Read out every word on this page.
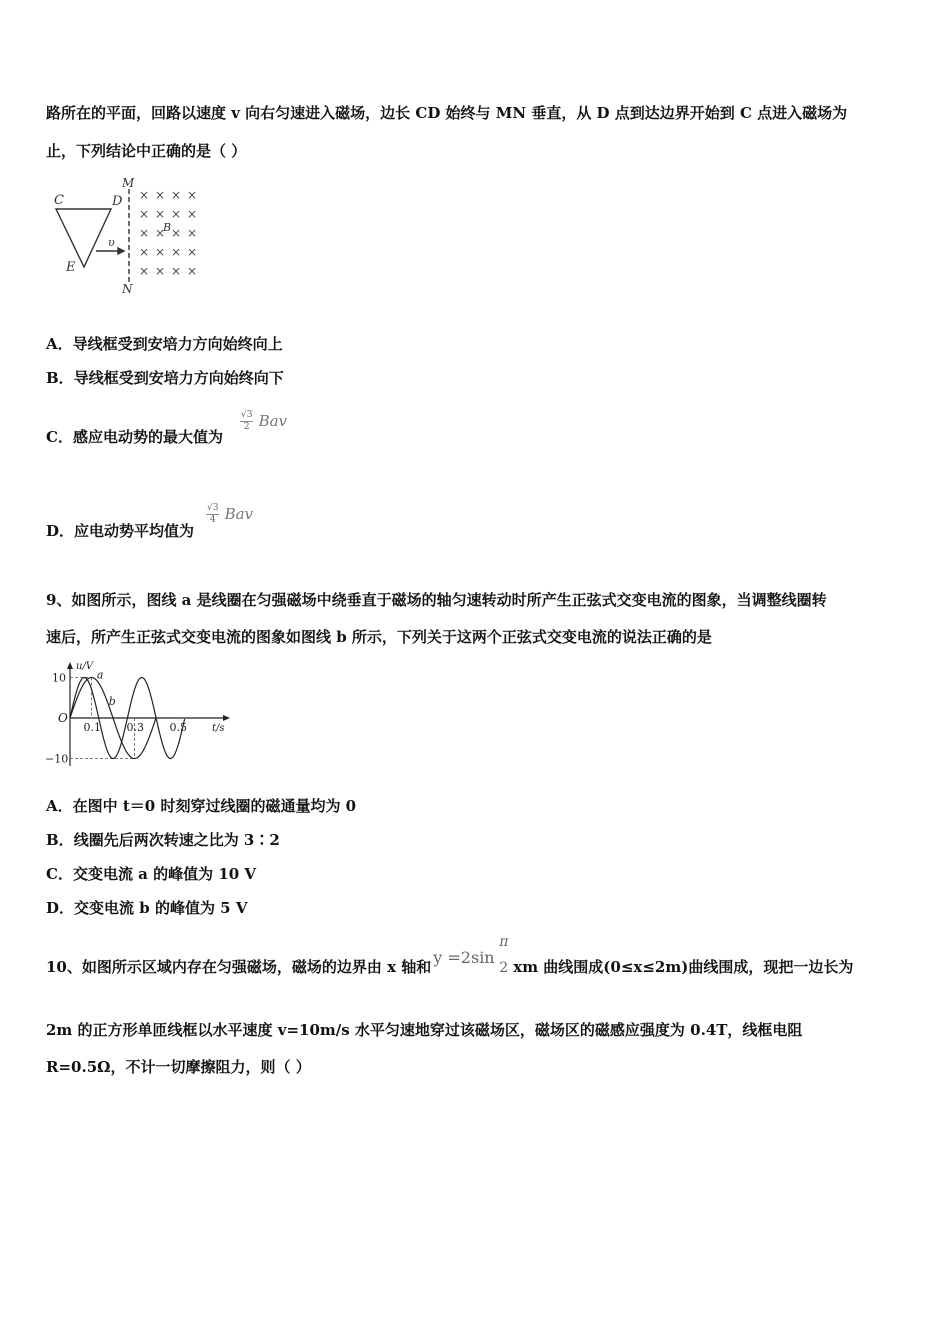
路所在的平面，回路以速度 v 向右匀速进入磁场，边长 CD 始终与 MN 垂直，从 D 点到达边界开始到 C 点进入磁场为
止，下列结论中正确的是（ ）
× × × ×
× × × ×
× × × ×
× × × ×
× × × ×
C	D
E
M
N
B
υ
A．导线框受到安培力方向始终向上
B．导线框受到安培力方向始终向下
C．感应电动势的最大值为
$\frac{√3}{2}$ Bav
D．应电动势平均值为
$\frac{√3}{4}$ Bav
9、如图所示，图线 a 是线圈在匀强磁场中绕垂直于磁场的轴匀速转动时所产生正弦式交变电流的图象，当调整线圈转
速后，所产生正弦式交变电流的图象如图线 b 所示，下列关于这两个正弦式交变电流的说法正确的是
a
b
0.1 0.3 0.5
10
−10
O
u/V
t/s
A．在图中 t＝0 时刻穿过线圈的磁通量均为 0
B．线圈先后两次转速之比为 3∶2
C．交变电流 a 的峰值为 10 V
D．交变电流 b 的峰值为 5 V
10、如图所示区域内存在匀强磁场，磁场的边界由 x 轴和 y =2sin
π
2 xm 曲线围成(0≤x≤2m)曲线围成，现把一边长为
2m 的正方形单匝线框以水平速度 v=10m/s 水平匀速地穿过该磁场区，磁场区的磁感应强度为 0.4T，线框电阻
R=0.5Ω，不计一切摩擦阻力，则（ ）
